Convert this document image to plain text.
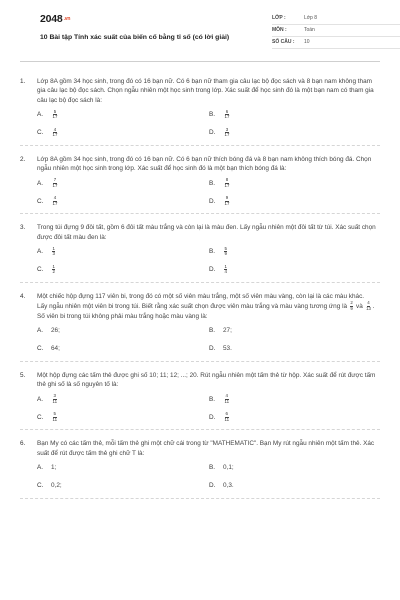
$2048^{.vn}$
10 Bài tập Tính xác suất của biến cố bằng tỉ số (có lời giải)
LỚP :	Lớp 8
MÔN :	Toán
SỐ CÂU :	10
1.	Lớp 8A gồm 34 học sinh, trong đó có 16 bạn nữ. Có 6 bạn nữ tham gia câu lạc bộ đọc sách và 8 bạn nam không tham gia câu lạc bộ đọc sách. Chọn ngẫu nhiên một học sinh trong lớp. Xác suất để học sinh đó là một bạn nam có tham gia câu lạc bộ đọc sách là:
A.	$\frac{5}{17}$	B.	$\frac{6}{17}$
C.	$\frac{4}{17}$	D.	$\frac{3}{17}$
2.	Lớp 8A gồm 34 học sinh, trong đó có 16 bạn nữ. Có 6 bạn nữ thích bóng đá và 8 bạn nam không thích bóng đá. Chọn ngẫu nhiên một học sinh trong lớp. Xác suất để học sinh đó là một bạn thích bóng đá là:
A.	$\frac{7}{17}$	B.	$\frac{8}{17}$
C.	$\frac{4}{17}$	D.	$\frac{9}{17}$
3.	Trong túi đựng 9 đôi tất, gồm 6 đôi tất màu trắng và còn lại là màu đen. Lấy ngẫu nhiên một đôi tất từ túi. Xác suất chọn được đôi tất màu đen là:
A.	$\frac{1}{3}$	B.	$\frac{5}{9}$
C.	$\frac{1}{2}$	D.	$\frac{1}{4}$
4.	Một chiếc hộp đựng 117 viên bi, trong đó có một số viên màu trắng, một số viên màu vàng, còn lại là các màu khác. Lấy ngẫu nhiên một viên bi trong túi. Biết rằng xác suất chọn được viên màu trắng và màu vàng tương ứng là $\frac{2}{9}$ và $\frac{4}{13}$ . Số viên bi trong túi không phải màu trắng hoặc màu vàng là:
A.	26;	B.	27;
C.	64;	D.	53.
5.	Một hộp đựng các tấm thẻ được ghi số 10; 11; 12; ...; 20. Rút ngẫu nhiên một tấm thẻ từ hộp. Xác suất để rút được tấm thẻ ghi số là số nguyên tố là:
A.	$\frac{3}{11}$	B.	$\frac{4}{11}$
C.	$\frac{5}{11}$	D.	$\frac{6}{11}$
6.	Bạn My có các tấm thẻ, mỗi tấm thẻ ghi một chữ cái trong từ "MATHEMATIC". Bạn My rút ngẫu nhiên một tấm thẻ. Xác suất để rút được tấm thẻ ghi chữ T là:
A.	1;	B.	0,1;
C.	0,2;	D.	0,3.
